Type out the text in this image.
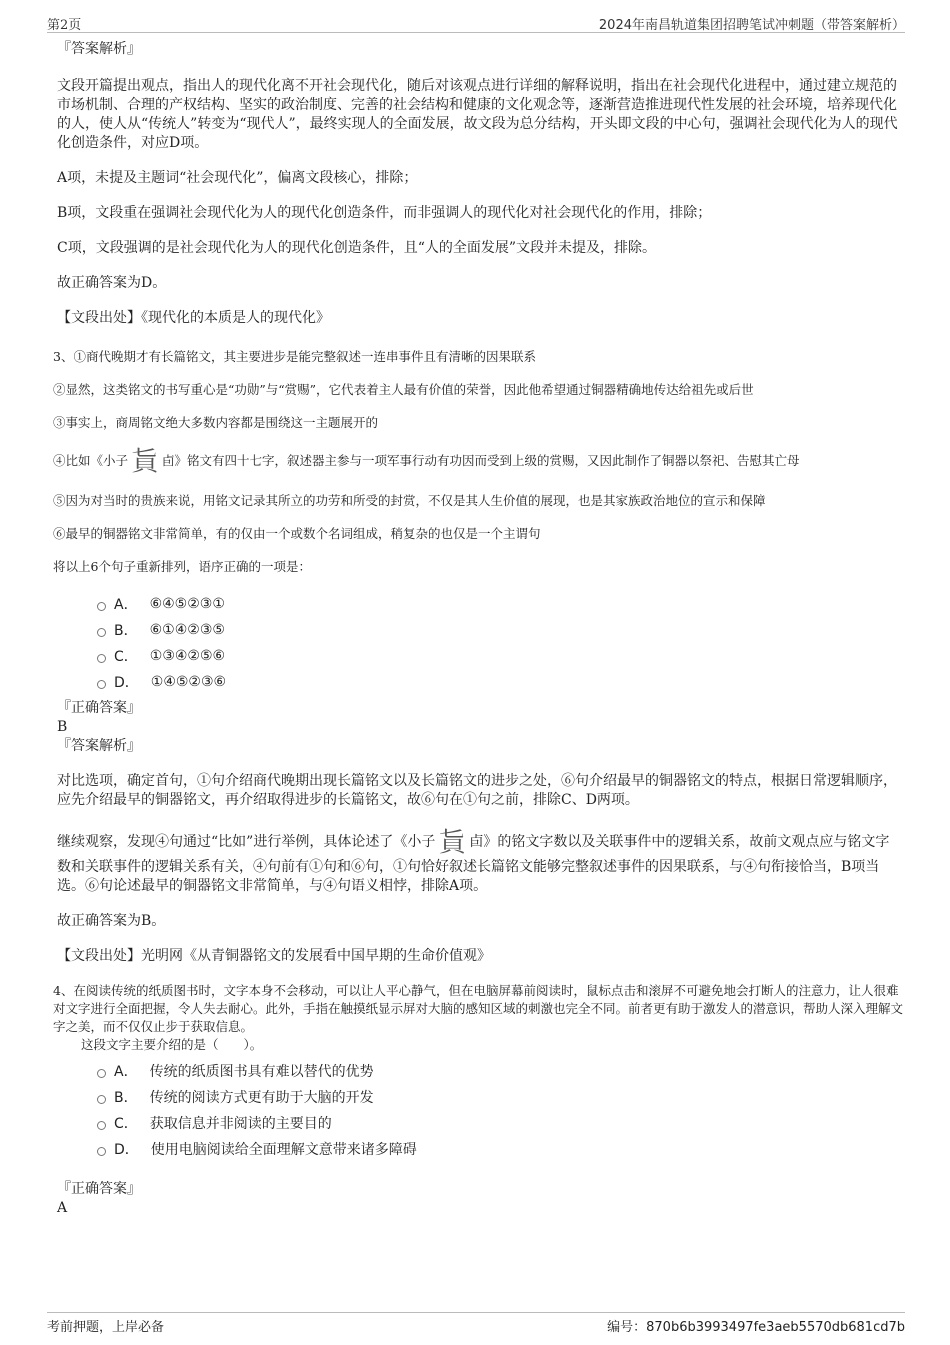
第2页	2024年南昌轨道集团招聘笔试冲刺题（带答案解析）

『答案解析』

文段开篇提出观点，指出人的现代化离不开社会现代化，随后对该观点进行详细的解释说明，指出在社会现代化进程中，通过建立规范的市场机制、合理的产权结构、坚实的政治制度、完善的社会结构和健康的文化观念等，逐渐营造推进现代性发展的社会环境，培养现代化的人，使人从“传统人”转变为“现代人”，最终实现人的全面发展，故文段为总分结构，开头即文段的中心句，强调社会现代化为人的现代化创造条件，对应D项。

A项，未提及主题词“社会现代化”，偏离文段核心，排除；

B项，文段重在强调社会现代化为人的现代化创造条件，而非强调人的现代化对社会现代化的作用，排除；

C项，文段强调的是社会现代化为人的现代化创造条件，且“人的全面发展”文段并未提及，排除。

故正确答案为D。

【文段出处】《现代化的本质是人的现代化》

3、①商代晚期才有长篇铭文，其主要进步是能完整叙述一连串事件且有清晰的因果联系

②显然，这类铭文的书写重心是“功勋”与“赏赐”，它代表着主人最有价值的荣誉，因此他希望通过铜器精确地传达给祖先或后世

③事实上，商周铭文绝大多数内容都是围绕这一主题展开的

④比如《小子 𧴦 卣》铭文有四十七字，叙述器主参与一项军事行动有功因而受到上级的赏赐，又因此制作了铜器以祭祀、告慰其亡母

⑤因为对当时的贵族来说，用铭文记录其所立的功劳和所受的封赏，不仅是其人生价值的展现，也是其家族政治地位的宣示和保障

⑥最早的铜器铭文非常简单，有的仅由一个或数个名词组成，稍复杂的也仅是一个主谓句

将以上6个句子重新排列，语序正确的一项是：

A． ⑥④⑤②③①
B． ⑥①④②③⑤
C． ①③④②⑤⑥
D． ①④⑤②③⑥

『正确答案』

B

『答案解析』

对比选项，确定首句，①句介绍商代晚期出现长篇铭文以及长篇铭文的进步之处，⑥句介绍最早的铜器铭文的特点，根据日常逻辑顺序，应先介绍最早的铜器铭文，再介绍取得进步的长篇铭文，故⑥句在①句之前，排除C、D两项。

继续观察，发现④句通过“比如”进行举例，具体论述了《小子 𧴦 卣》的铭文字数以及关联事件中的逻辑关系，故前文观点应与铭文字数和关联事件的逻辑关系有关，④句前有①句和⑥句，①句恰好叙述长篇铭文能够完整叙述事件的因果联系，与④句衔接恰当，B项当选。⑥句论述最早的铜器铭文非常简单，与④句语义相悖，排除A项。

故正确答案为B。

【文段出处】光明网《从青铜器铭文的发展看中国早期的生命价值观》

4、在阅读传统的纸质图书时，文字本身不会移动，可以让人平心静气，但在电脑屏幕前阅读时，鼠标点击和滚屏不可避免地会打断人的注意力，让人很难对文字进行全面把握，令人失去耐心。此外，手指在触摸纸显示屏对大脑的感知区域的刺激也完全不同。前者更有助于激发人的潜意识，帮助人深入理解文字之美，而不仅仅止步于获取信息。

这段文字主要介绍的是（　　）。

A． 传统的纸质图书具有难以替代的优势
B． 传统的阅读方式更有助于大脑的开发
C． 获取信息并非阅读的主要目的
D． 使用电脑阅读给全面理解文意带来诸多障碍

『正确答案』

A

考前押题，上岸必备	编号：870b6b3993497fe3aeb5570db681cd7b
